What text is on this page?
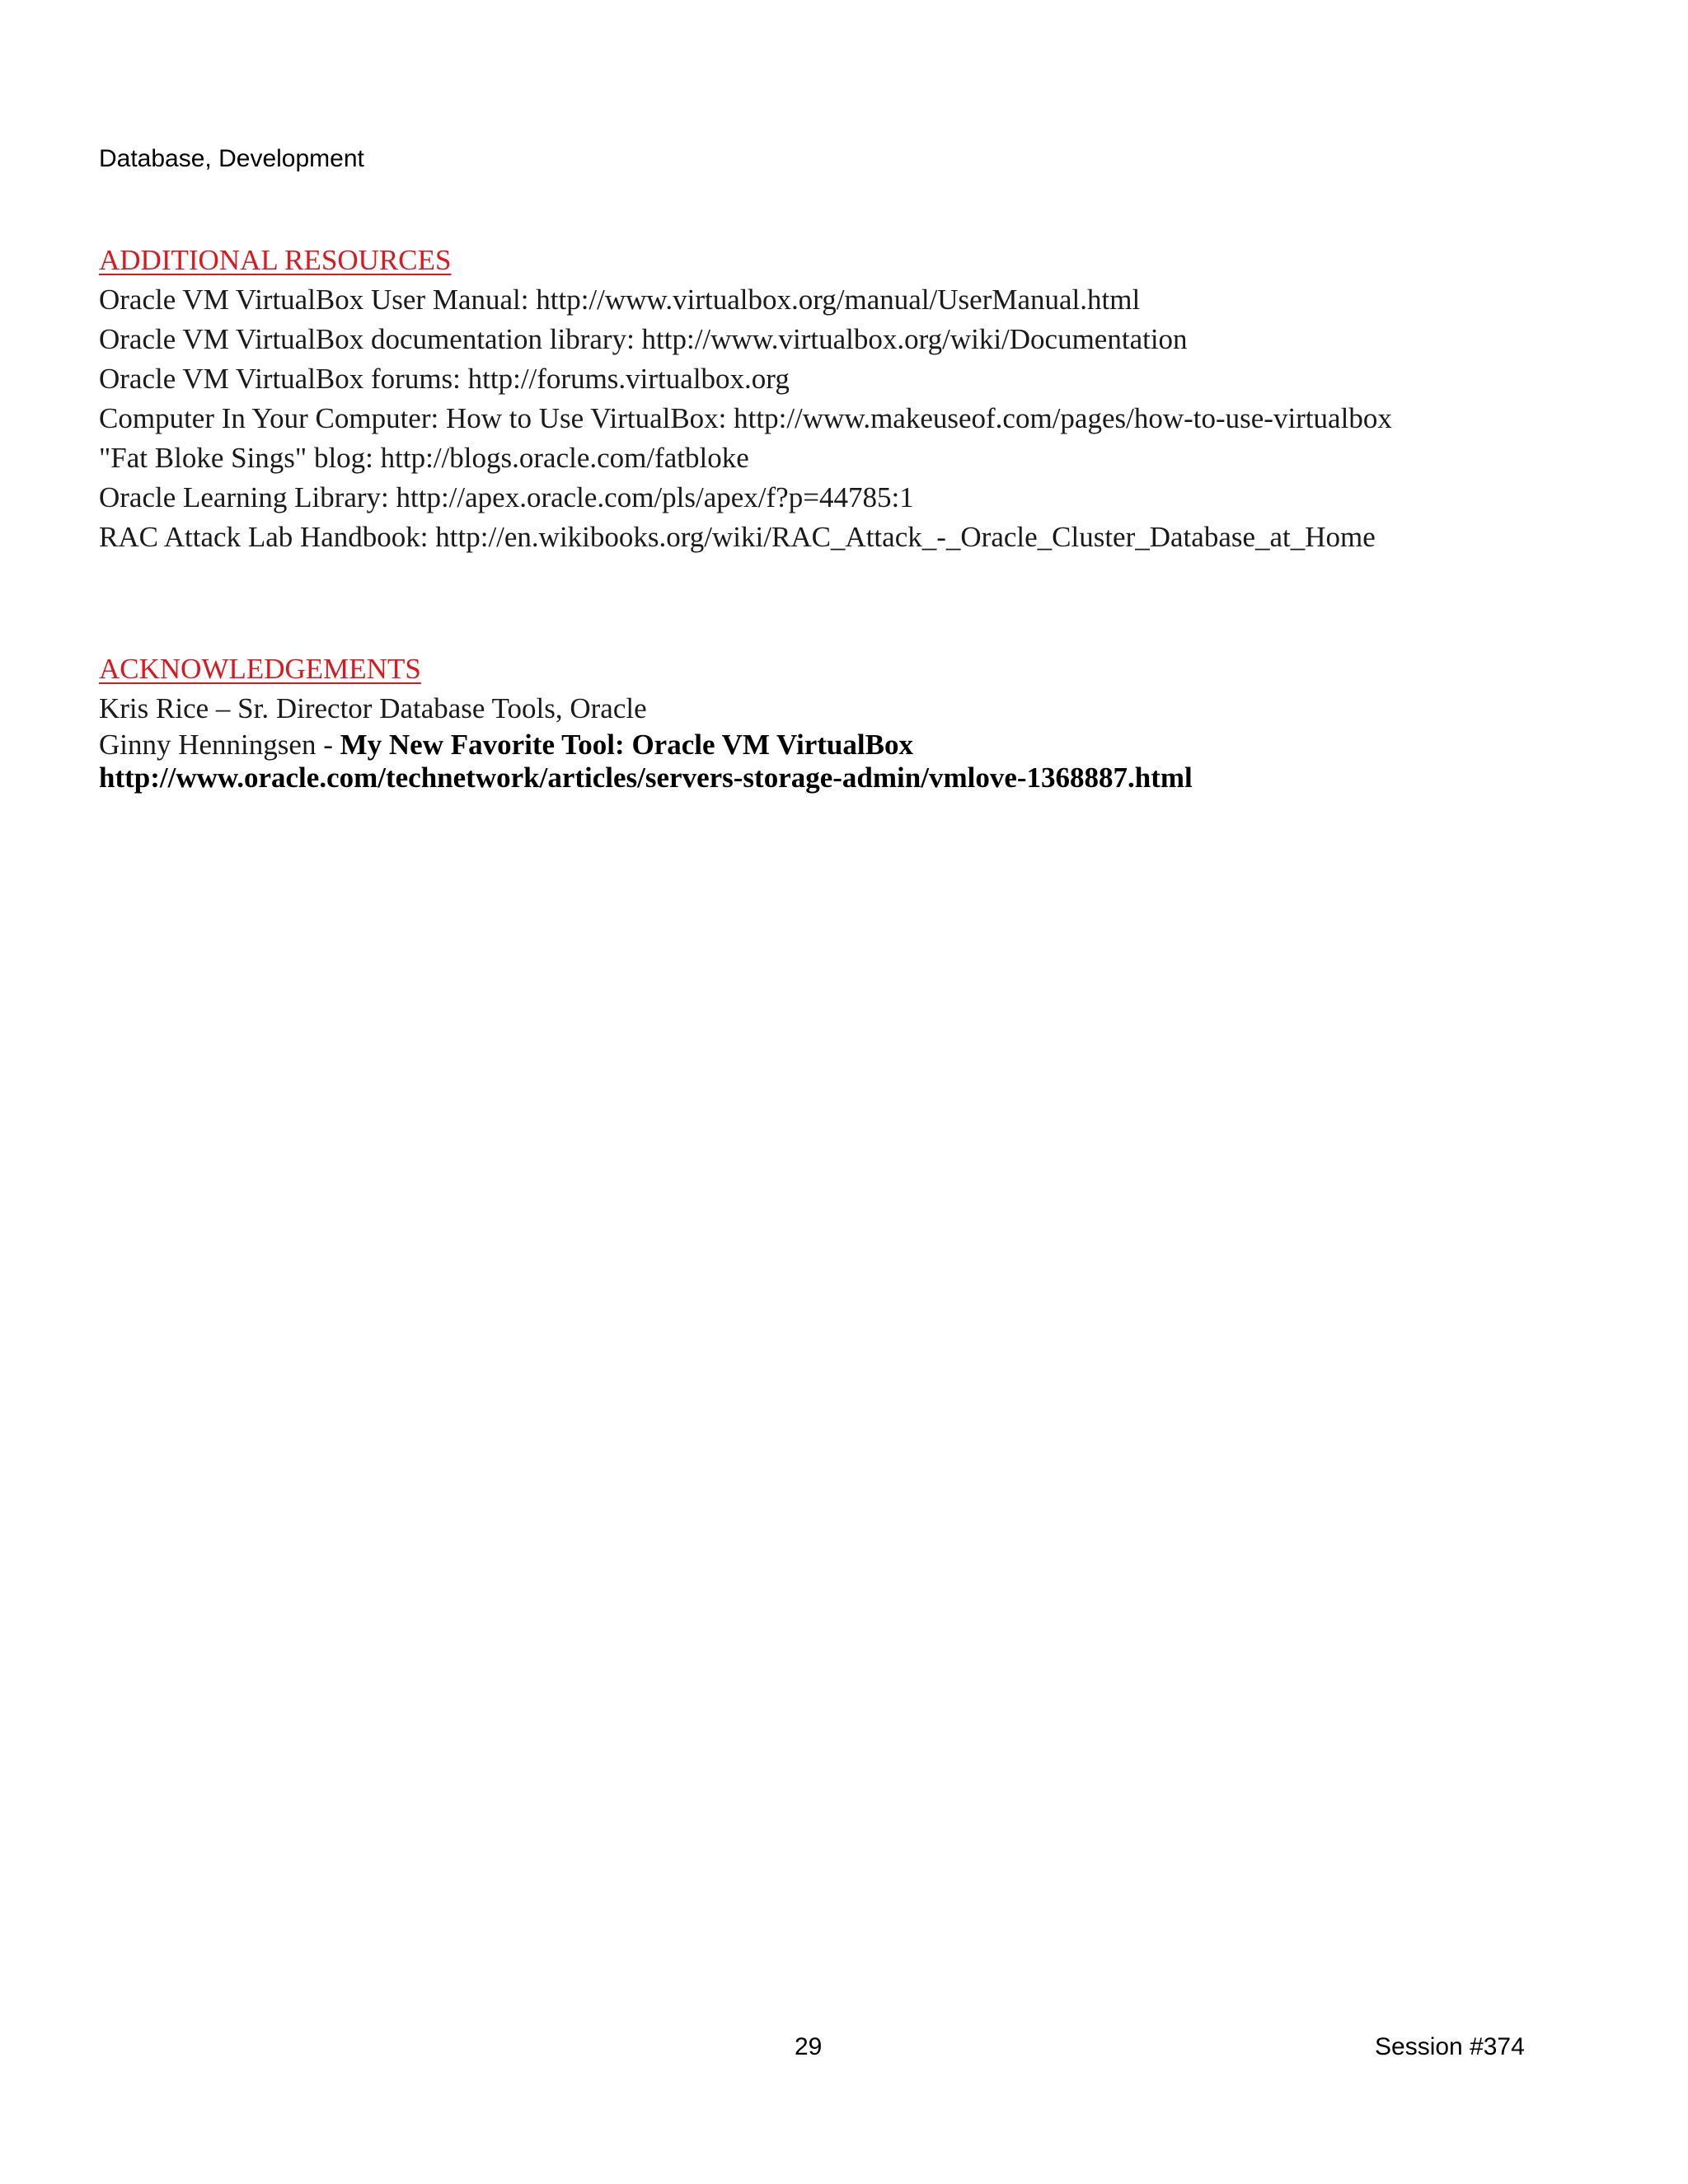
Database, Development
ADDITIONAL RESOURCES
Oracle VM VirtualBox User Manual: http://www.virtualbox.org/manual/UserManual.html
Oracle VM VirtualBox documentation library: http://www.virtualbox.org/wiki/Documentation
Oracle VM VirtualBox forums: http://forums.virtualbox.org
Computer In Your Computer: How to Use VirtualBox: http://www.makeuseof.com/pages/how-to-use-virtualbox
"Fat Bloke Sings" blog: http://blogs.oracle.com/fatbloke
Oracle Learning Library: http://apex.oracle.com/pls/apex/f?p=44785:1
RAC Attack Lab Handbook: http://en.wikibooks.org/wiki/RAC_Attack_-_Oracle_Cluster_Database_at_Home
ACKNOWLEDGEMENTS
Kris Rice – Sr. Director Database Tools, Oracle
Ginny Henningsen - My New Favorite Tool: Oracle VM VirtualBox
http://www.oracle.com/technetwork/articles/servers-storage-admin/vmlove-1368887.html
29	Session #374
